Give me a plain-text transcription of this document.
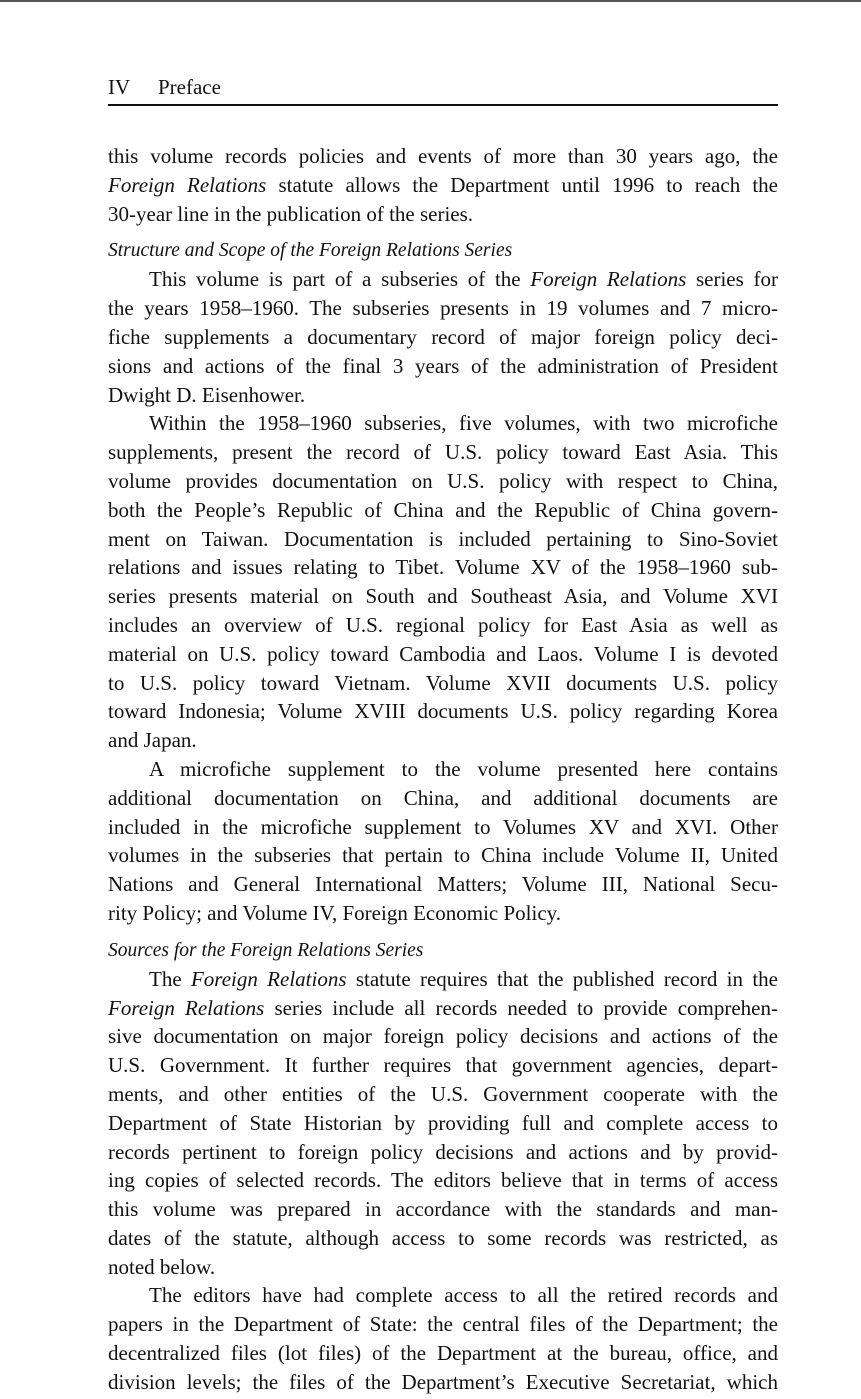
IV Preface

this volume records policies and events of more than 30 years ago, the

Foreign Relations statute allows the Department until 1996 to reach the

30-year line in the publication of the series.

Structure and Scope of the Foreign Relations Series

This volume is part of a subseries of the Foreign Relations series for

the years 1958–1960. The subseries presents in 19 volumes and 7 micro-

fiche supplements a documentary record of major foreign policy deci-

sions and actions of the final 3 years of the administration of President

Dwight D. Eisenhower.

Within the 1958–1960 subseries, five volumes, with two microfiche

supplements, present the record of U.S. policy toward East Asia. This

volume provides documentation on U.S. policy with respect to China,

both the People’s Republic of China and the Republic of China govern-

ment on Taiwan. Documentation is included pertaining to Sino-Soviet

relations and issues relating to Tibet. Volume XV of the 1958–1960 sub-

series presents material on South and Southeast Asia, and Volume XVI

includes an overview of U.S. regional policy for East Asia as well as

material on U.S. policy toward Cambodia and Laos. Volume I is devoted

to U.S. policy toward Vietnam. Volume XVII documents U.S. policy

toward Indonesia; Volume XVIII documents U.S. policy regarding Korea

and Japan.

A microfiche supplement to the volume presented here contains

additional documentation on China, and additional documents are

included in the microfiche supplement to Volumes XV and XVI. Other

volumes in the subseries that pertain to China include Volume II, United

Nations and General International Matters; Volume III, National Secu-

rity Policy; and Volume IV, Foreign Economic Policy.

Sources for the Foreign Relations Series

The Foreign Relations statute requires that the published record in the

Foreign Relations series include all records needed to provide comprehen-

sive documentation on major foreign policy decisions and actions of the

U.S. Government. It further requires that government agencies, depart-

ments, and other entities of the U.S. Government cooperate with the

Department of State Historian by providing full and complete access to

records pertinent to foreign policy decisions and actions and by provid-

ing copies of selected records. The editors believe that in terms of access

this volume was prepared in accordance with the standards and man-

dates of the statute, although access to some records was restricted, as

noted below.

The editors have had complete access to all the retired records and

papers in the Department of State: the central files of the Department; the

decentralized files (lot files) of the Department at the bureau, office, and

division levels; the files of the Department’s Executive Secretariat, which
